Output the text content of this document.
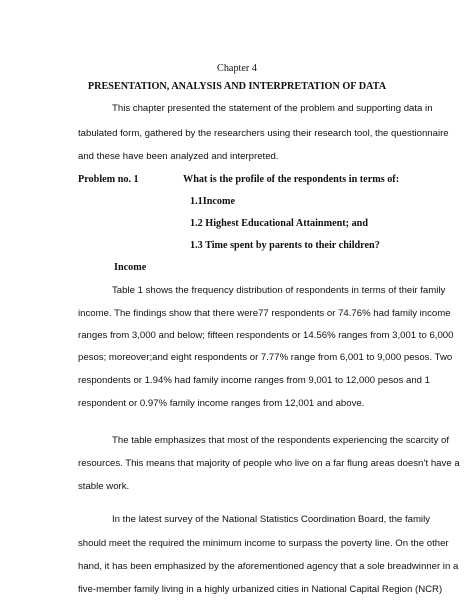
Chapter 4
PRESENTATION, ANALYSIS AND INTERPRETATION OF DATA
This chapter presented the statement of the problem and supporting data in
tabulated form, gathered by the researchers using their research tool, the questionnaire
and these have been analyzed and interpreted.
Problem no. 1	What is the profile of the respondents in terms of:
1.1Income
1.2 Highest Educational Attainment; and
1.3 Time spent by parents to their children?
Income
Table 1 shows the frequency distribution of respondents in terms of their family
income. The findings show that there were77 respondents or 74.76% had family income
ranges from 3,000 and below; fifteen respondents or 14.56% ranges from 3,001 to 6,000
pesos; moreover;and eight respondents or 7.77% range from 6,001 to 9,000 pesos. Two
respondents or 1.94% had family income ranges from 9,001 to 12,000 pesos and 1
respondent or 0.97% family income ranges from 12,001 and above.
The table emphasizes that most of the respondents experiencing the scarcity of
resources. This means that majority of people who live on a far flung areas doesn’t have a
stable work.
In the latest survey of the National Statistics Coordination Board, the family
should meet the required the minimum income to surpass the poverty line. On the other
hand, it has been emphasized by the aforementioned agency that a sole breadwinner in a
five-member family living in a highly urbanized cities in National Capital Region (NCR)
